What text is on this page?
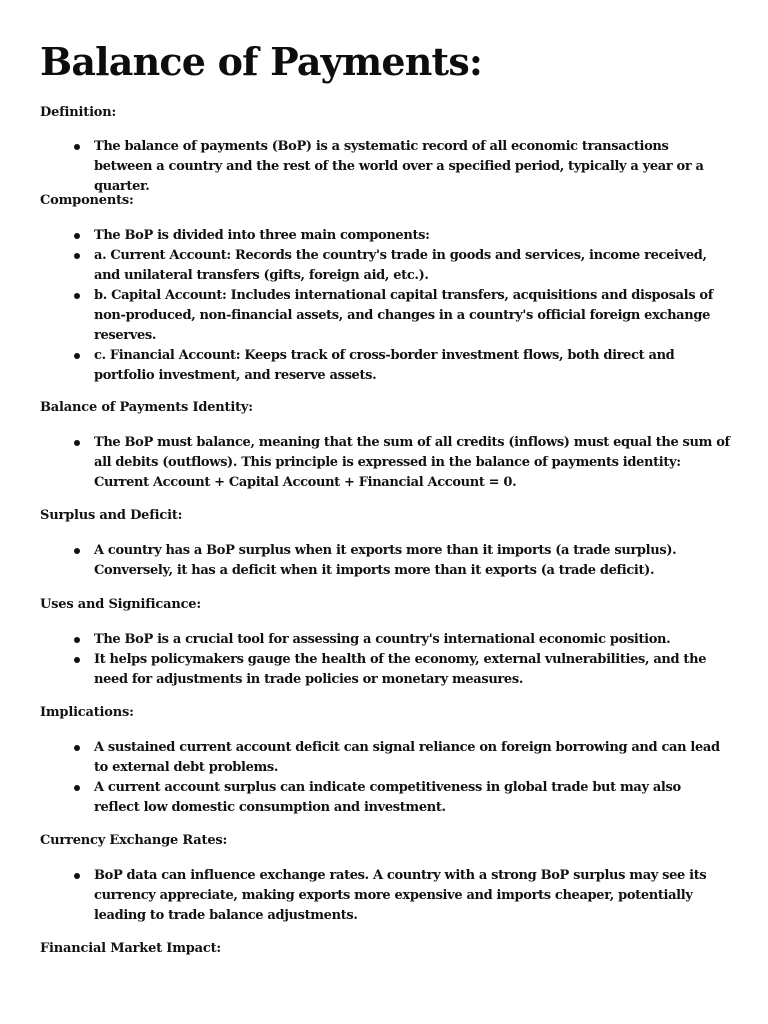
Balance of Payments:
Definition:
The balance of payments (BoP) is a systematic record of all economic transactions between a country and the rest of the world over a specified period, typically a year or a quarter.
Components:
The BoP is divided into three main components:
a. Current Account: Records the country's trade in goods and services, income received, and unilateral transfers (gifts, foreign aid, etc.).
b. Capital Account: Includes international capital transfers, acquisitions and disposals of non-produced, non-financial assets, and changes in a country's official foreign exchange reserves.
c. Financial Account: Keeps track of cross-border investment flows, both direct and portfolio investment, and reserve assets.
Balance of Payments Identity:
The BoP must balance, meaning that the sum of all credits (inflows) must equal the sum of all debits (outflows). This principle is expressed in the balance of payments identity: Current Account + Capital Account + Financial Account = 0.
Surplus and Deficit:
A country has a BoP surplus when it exports more than it imports (a trade surplus). Conversely, it has a deficit when it imports more than it exports (a trade deficit).
Uses and Significance:
The BoP is a crucial tool for assessing a country's international economic position.
It helps policymakers gauge the health of the economy, external vulnerabilities, and the need for adjustments in trade policies or monetary measures.
Implications:
A sustained current account deficit can signal reliance on foreign borrowing and can lead to external debt problems.
A current account surplus can indicate competitiveness in global trade but may also reflect low domestic consumption and investment.
Currency Exchange Rates:
BoP data can influence exchange rates. A country with a strong BoP surplus may see its currency appreciate, making exports more expensive and imports cheaper, potentially leading to trade balance adjustments.
Financial Market Impact:
